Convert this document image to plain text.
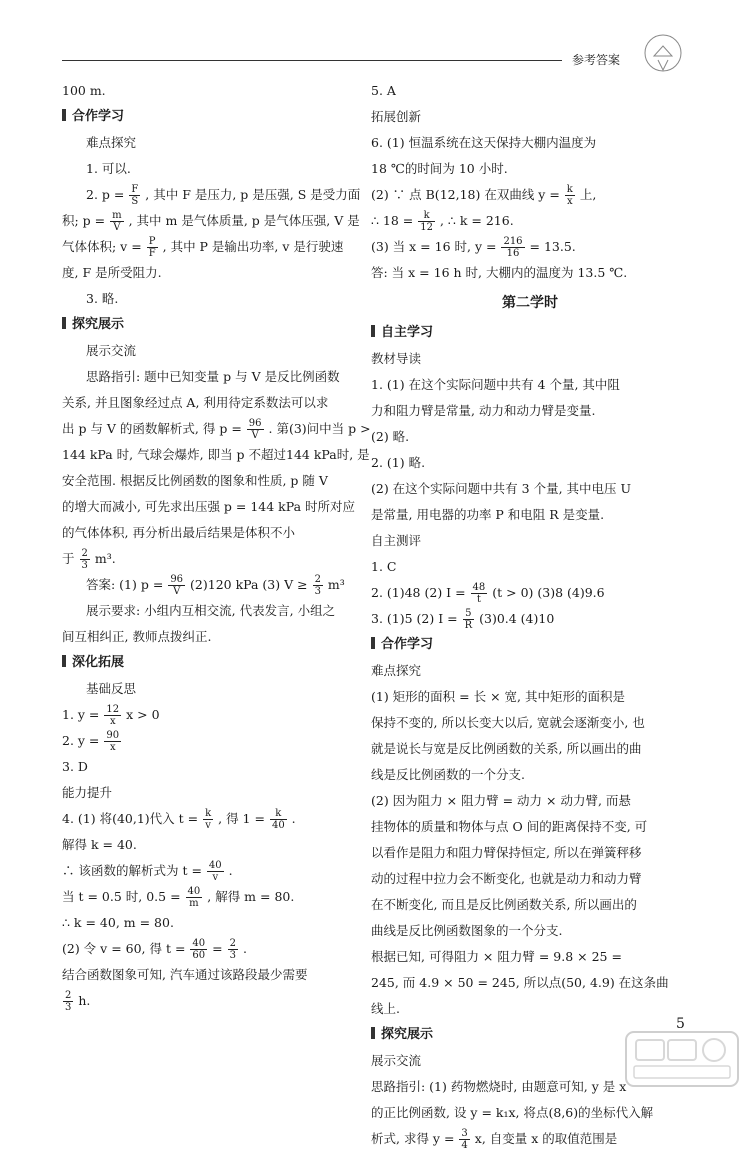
参考答案
100 m.
合作学习
难点探究
1. 可以.
2. $p = \frac{F}{S}$ , 其中 F 是压力, p 是压强, S 是受力面
积; $p = \frac{m}{V}$ , 其中 m 是气体质量, p 是气体压强, V 是
气体体积; $v = \frac{P}{F}$ , 其中 P 是输出功率, v 是行驶速
度, F 是所受阻力.
3. 略.
探究展示
展示交流
思路指引: 题中已知变量 p 与 V 是反比例函数
关系, 并且图象经过点 A, 利用待定系数法可以求
出 p 与 V 的函数解析式, 得 $p = \frac{96}{V}$ . 第(3)问中当 p >
144 kPa 时, 气球会爆炸, 即当 p 不超过144 kPa时, 是
安全范围. 根据反比例函数的图象和性质, p 随 V
的增大而减小, 可先求出压强 p = 144 kPa 时所对应
的气体体积, 再分析出最后结果是体积不小
于 $\frac{2}{3} m^3$.
答案: (1) $p = \frac{96}{V} (2)120$ kPa (3) $V \ge \frac{2}{3} m^3$
展示要求: 小组内互相交流, 代表发言, 小组之
间互相纠正, 教师点拨纠正.
深化拓展
基础反思
1. $y = \frac{12}{x}$ x > 0
2. $y = \frac{90}{x}$
3. D
能力提升
4. (1) 将(40,1)代入 $t = \frac{k}{v}$ , 得 $1 = \frac{k}{40}$ .
解得 k = 40.
∴ 该函数的解析式为 $t = \frac{40}{v}$ .
当 t = 0.5 时, $0.5 = \frac{40}{m}$ , 解得 m = 80.
∴ k = 40, m = 80.
(2) 令 v = 60, 得 $t = \frac{40}{60} = \frac{2}{3}$ .
结合函数图象可知, 汽车通过该路段最少需要
$\frac{2}{3} h$.
5. A
拓展创新
6. (1) 恒温系统在这天保持大棚内温度为
18 ℃的时间为 10 小时.
(2) ∵ 点 B(12,18) 在双曲线 $y = \frac{k}{x}$ 上,
∴ $18 = \frac{k}{12}$ , ∴ k = 216.
(3) 当 x = 16 时, $y = \frac{216}{16} = 13.5$.
答: 当 x = 16 h 时, 大棚内的温度为 13.5 ℃.
第二学时
自主学习
教材导读
1. (1) 在这个实际问题中共有 4 个量, 其中阻
力和阻力臂是常量, 动力和动力臂是变量.
(2) 略.
2. (1) 略.
(2) 在这个实际问题中共有 3 个量, 其中电压 U
是常量, 用电器的功率 P 和电阻 R 是变量.
自主测评
1. C
2. (1)48 (2) $I = \frac{48}{t} (t > 0)$ (3)8 (4)9.6
3. (1)5 (2) $I = \frac{5}{R} (3)0.4$ (4)10
合作学习
难点探究
(1) 矩形的面积 = 长 × 宽, 其中矩形的面积是
保持不变的, 所以长变大以后, 宽就会逐渐变小, 也
就是说长与宽是反比例函数的关系, 所以画出的曲
线是反比例函数的一个分支.
(2) 因为阻力 × 阻力臂 = 动力 × 动力臂, 而悬
挂物体的质量和物体与点 O 间的距离保持不变, 可
以看作是阻力和阻力臂保持恒定, 所以在弹簧秤移
动的过程中拉力会不断变化, 也就是动力和动力臂
在不断变化, 而且是反比例函数关系, 所以画出的
曲线是反比例函数图象的一个分支.
根据已知, 可得阻力 × 阻力臂 = 9.8 × 25 =
245, 而 4.9 × 50 = 245, 所以点(50, 4.9) 在这条曲
线上.
探究展示
展示交流
思路指引: (1) 药物燃烧时, 由题意可知, y 是 x
的正比例函数, 设 y = k₁x, 将点(8,6)的坐标代入解
析式, 求得 $y = \frac{3}{4} x$, 自变量 x 的取值范围是
5
